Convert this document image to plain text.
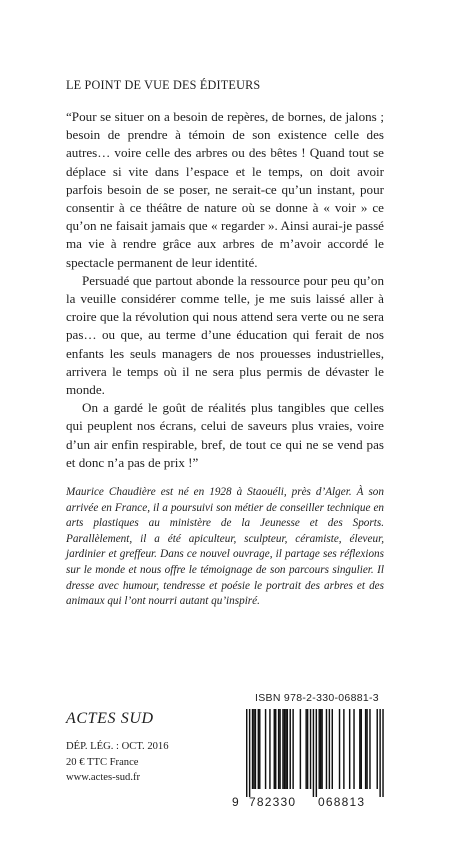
LE POINT DE VUE DES ÉDITEURS

“Pour se situer on a besoin de repères, de bornes, de jalons ; besoin de prendre à témoin de son existence celle des autres… voire celle des arbres ou des bêtes ! Quand tout se déplace si vite dans l’espace et le temps, on doit avoir parfois besoin de se poser, ne serait-ce qu’un instant, pour consentir à ce théâtre de nature où se donne à « voir » ce qu’on ne faisait jamais que « regarder ». Ainsi aurai-je passé ma vie à rendre grâce aux arbres de m’avoir accordé le spectacle permanent de leur identité.

Persuadé que partout abonde la ressource pour peu qu’on la veuille considérer comme telle, je me suis laissé aller à croire que la révolution qui nous attend sera verte ou ne sera pas… ou que, au terme d’une éducation qui ferait de nos enfants les seuls managers de nos prouesses industrielles, arrivera le temps où il ne sera plus permis de dévaster le monde.

On a gardé le goût de réalités plus tangibles que celles qui peuplent nos écrans, celui de saveurs plus vraies, voire d’un air enfin respirable, bref, de tout ce qui ne se vend pas et donc n’a pas de prix !”

Maurice Chaudière est né en 1928 à Staouéli, près d’Alger. À son arrivée en France, il a poursuivi son métier de conseiller technique en arts plastiques au ministère de la Jeunesse et des Sports. Parallèlement, il a été apiculteur, sculpteur, céramiste, éleveur, jardinier et greffeur. Dans ce nouvel ouvrage, il partage ses réflexions sur le monde et nous offre le témoignage de son parcours singulier. Il dresse avec humour, tendresse et poésie le portrait des arbres et des animaux qui l’ont nourri autant qu’inspiré.
ACTES SUD
DÉP. LÉG. : OCT. 2016
20 € TTC France
www.actes-sud.fr
ISBN 978-2-330-06881-3
9 782330 068813
